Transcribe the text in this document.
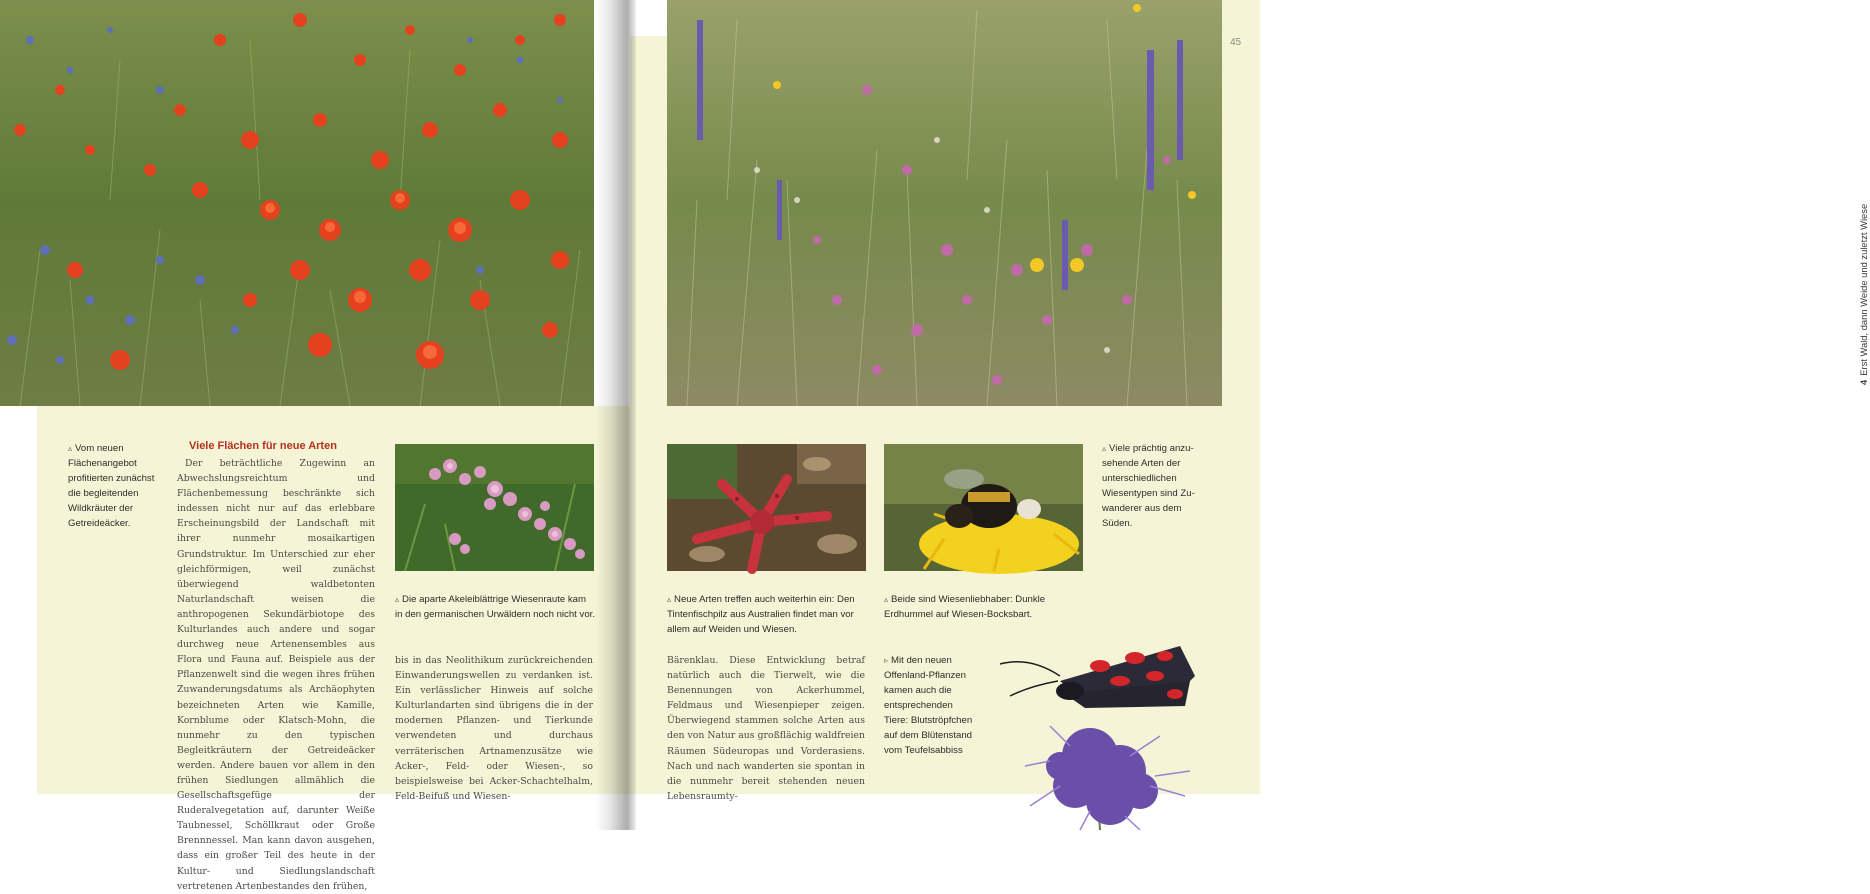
▵ Vom neuen Flächenangebot profitierten zunächst die begleitenden Wildkräuter der Getreideäcker.
Viele Flächen für neue Arten

Der beträchtliche Zugewinn an Abwechslungsreichtum und Flächenbemessung beschränkte sich indessen nicht nur auf das erlebbare Erscheinungsbild der Landschaft mit ihrer nunmehr mosaikartigen Grundstruktur. Im Unterschied zur eher gleichförmigen, weil zunächst überwiegend waldbetonten Naturlandschaft weisen die anthropogenen Sekundärbiotope des Kulturlandes auch andere und sogar durchweg neue Artenensembles aus Flora und Fauna auf. Beispiele aus der Pflanzenwelt sind die wegen ihres frühen Zuwanderungsdatums als Archäophyten bezeichneten Arten wie Kamille, Kornblume oder Klatsch-Mohn, die nunmehr zu den typischen Begleitkräutern der Getreideäcker werden. Andere bauen vor allem in den frühen Siedlungen allmählich die Gesellschaftsgefüge der Ruderalvegetation auf, darunter Weiße Taubnessel, Schöllkraut oder Große Brennnessel. Man kann davon ausgehen, dass ein großer Teil des heute in der Kultur- und Siedlungslandschaft vertretenen Artenbestandes den frühen,

▵ Die aparte Akeleiblättrige Wiesenraute kam in den germanischen Urwäldern noch nicht vor.

bis in das Neolithikum zurückreichenden Einwanderungswellen zu verdanken ist. Ein verlässlicher Hinweis auf solche Kulturlandarten sind übrigens die in der modernen Pflanzen- und Tierkunde verwendeten und durchaus verräterischen Artnamenzusätze wie Acker-, Feld- oder Wiesen-, so beispielsweise bei Acker-Schachtelhalm, Feld-Beifuß und Wiesen-

45
▵ Viele prächtig anzusehende Arten der unterschiedlichen Wiesentypen sind Zuwanderer aus dem Süden.
▵ Neue Arten treffen auch weiterhin ein: Den Tintenfischpilz aus Australien findet man vor allem auf Weiden und Wiesen.
▵ Beide sind Wiesenliebhaber: Dunkle Erdhummel auf Wiesen-Bocksbart.

Bärenklau. Diese Entwicklung betraf natürlich auch die Tierwelt, wie die Benennungen von Ackerhummel, Feldmaus und Wiesenpieper zeigen. Überwiegend stammen solche Arten aus den von Natur aus großflächig waldfreien Räumen Südeuropas und Vorderasiens. Nach und nach wanderten sie spontan in die nunmehr bereit stehenden neuen Lebensraumty-

▹ Mit den neuen Offenland-Pflanzen kamen auch die entsprechenden Tiere: Blutströpfchen auf dem Blütenstand vom Teufelsabbiss
4Erst Wald, dann Weide und zuletzt Wiese
